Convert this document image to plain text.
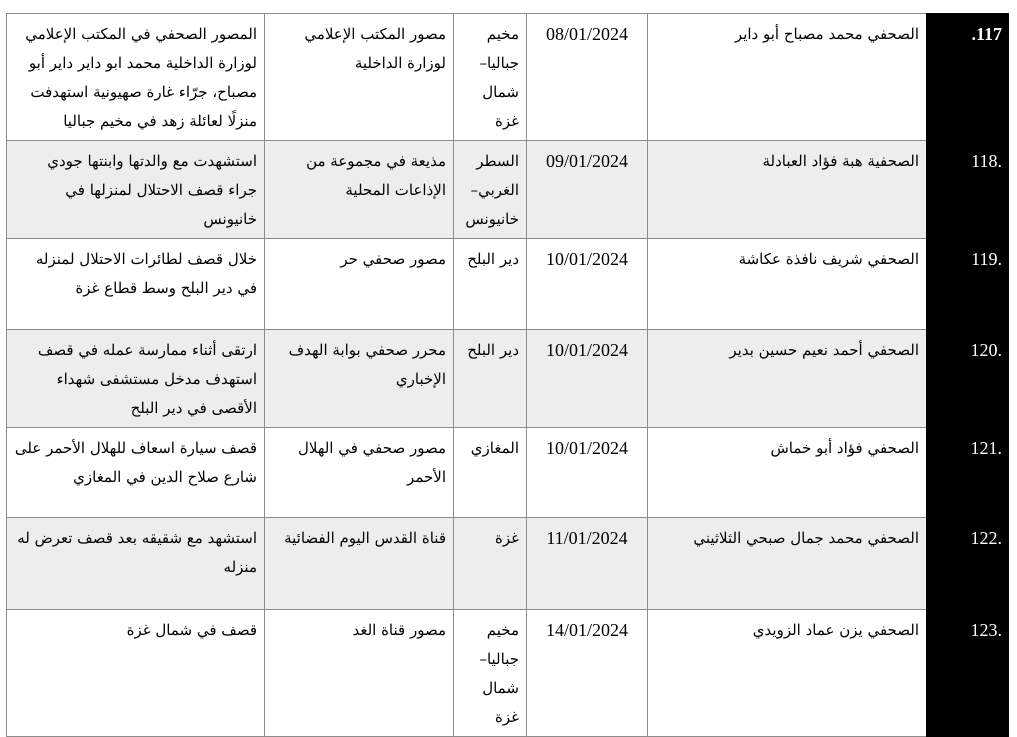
117.	الصحفي محمد مصباح أبو داير	08/01/2024	مخيم جباليا– شمال غزة	مصور المكتب الإعلامي لوزارة الداخلية	المصور الصحفي في المكتب الإعلامي لوزارة الداخلية محمد ابو داير داير أبو مصباح، جرّاء غارة صهيونية استهدفت منزلًا لعائلة زهد في مخيم جباليا
.118	الصحفية هبة فؤاد العبادلة	09/01/2024	السطر الغربي– خانيونس	مذيعة في مجموعة من الإذاعات المحلية	استشهدت مع والدتها وابنتها جودي جراء قصف الاحتلال لمنزلها في خانيونس
.119	الصحفي شريف نافذة عكاشة	10/01/2024	دير البلح	مصور صحفي حر	خلال قصف لطائرات الاحتلال لمنزله في دير البلح وسط قطاع غزة
.120	الصحفي أحمد نعيم حسين بدير	10/01/2024	دير البلح	محرر صحفي بوابة الهدف الإخباري	ارتقى أثناء ممارسة عمله في قصف استهدف مدخل مستشفى شهداء الأقصى في دير البلح
.121	الصحفي فؤاد أبو خماش	10/01/2024	المغازي	مصور صحفي في الهلال الأحمر	قصف سيارة اسعاف للهلال الأحمر على شارع صلاح الدين في المغازي
.122	الصحفي محمد جمال صبحي الثلاثيني	11/01/2024	غزة	قناة القدس اليوم الفضائية	استشهد مع شقيقه بعد قصف تعرض له منزله
.123	الصحفي يزن عماد الزويدي	14/01/2024	مخيم جباليا– شمال غزة	مصور قناة الغد	قصف في شمال غزة
